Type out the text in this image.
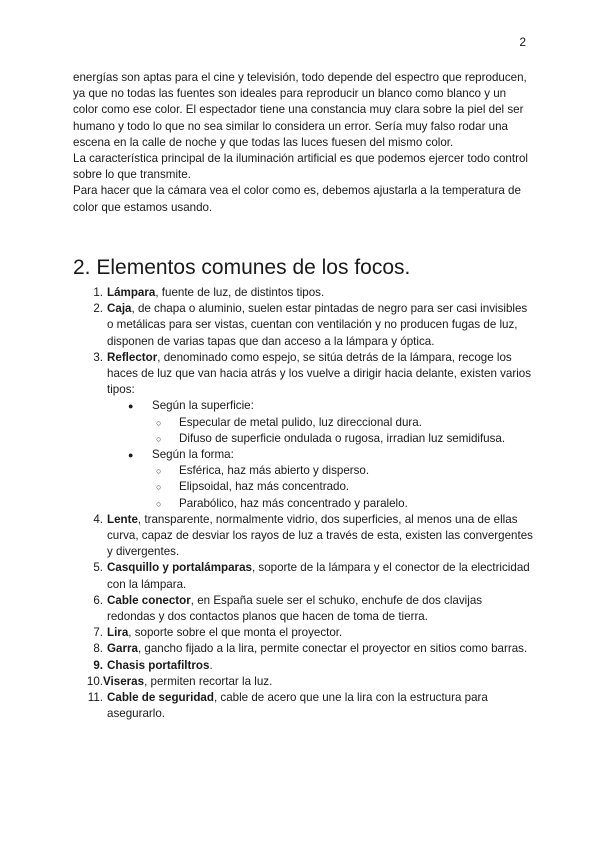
2

energías son aptas para el cine y televisión, todo depende del espectro que reproducen, ya que no todas las fuentes son ideales para reproducir un blanco como blanco y un color como ese color. El espectador tiene una constancia muy clara sobre la piel del ser humano y todo lo que no sea similar lo considera un error. Sería muy falso rodar una escena en la calle de noche y que todas las luces fuesen del mismo color.

La característica principal de la iluminación artificial es que podemos ejercer todo control sobre lo que transmite.

Para hacer que la cámara vea el color como es, debemos ajustarla a la temperatura de color que estamos usando.

2. Elementos comunes de los focos.
1. Lámpara, fuente de luz, de distintos tipos.
2. Caja, de chapa o aluminio, suelen estar pintadas de negro para ser casi invisibles o metálicas para ser vistas, cuentan con ventilación y no producen fugas de luz, disponen de varias tapas que dan acceso a la lámpara y óptica.
3. Reflector, denominado como espejo, se sitúa detrás de la lámpara, recoge los haces de luz que van hacia atrás y los vuelve a dirigir hacia delante, existen varios tipos:
●	Según la superficie:
○	Especular de metal pulido, luz direccional dura.
○	Difuso de superficie ondulada o rugosa, irradian luz semidifusa.
●	Según la forma:
○	Esférica, haz más abierto y disperso.
○	Elipsoidal, haz más concentrado.
○	Parabólico, haz más concentrado y paralelo.
4. Lente, transparente, normalmente vidrio, dos superficies, al menos una de ellas curva, capaz de desviar los rayos de luz a través de esta, existen las convergentes y divergentes.
5. Casquillo y portalámparas, soporte de la lámpara y el conector de la electricidad con la lámpara.
6. Cable conector, en España suele ser el schuko, enchufe de dos clavijas redondas y dos contactos planos que hacen de toma de tierra.
7. Lira, soporte sobre el que monta el proyector.
8. Garra, gancho fijado a la lira, permite conectar el proyector en sitios como barras.
9. Chasis portafiltros.
10. Viseras, permiten recortar la luz.
11. Cable de seguridad, cable de acero que une la lira con la estructura para asegurarlo.
